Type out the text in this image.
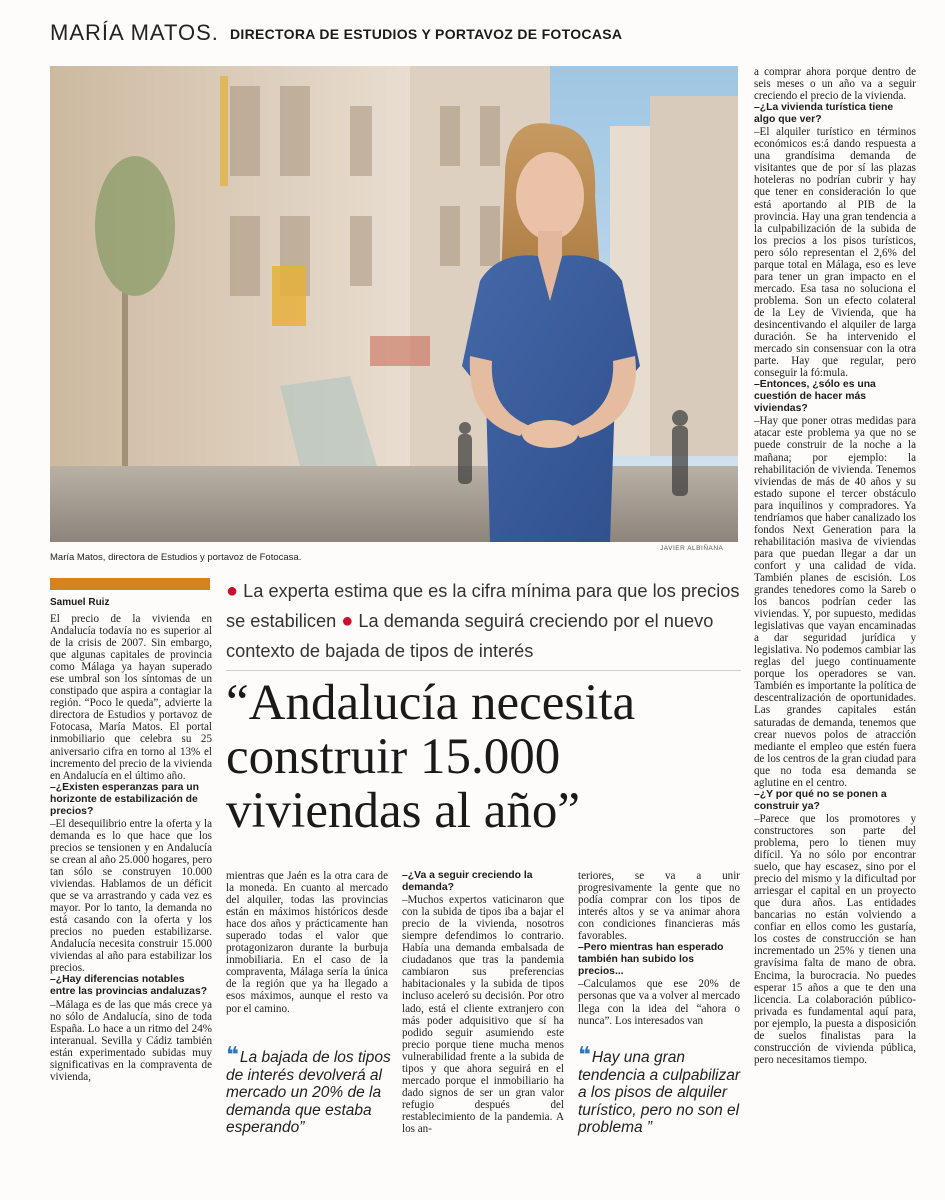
MARÍA MATOS. DIRECTORA DE ESTUDIOS Y PORTAVOZ DE FOTOCASA
JAVIER ALBIÑANA
María Matos, directora de Estudios y portavoz de Fotocasa.
Samuel Ruiz
● La experta estima que es la cifra mínima para que los precios se estabilicen ● La demanda seguirá creciendo por el nuevo contexto de bajada de tipos de interés
“Andalucía necesita construir 15.000 viviendas al año”

El precio de la vivienda en Andalucía todavía no es superior al de la crisis de 2007. Sin embargo, que algunas capitales de provincia como Málaga ya hayan superado ese umbral son los síntomas de un constipado que aspira a contagiar la región. “Poco le queda”, advierte la directora de Estudios y portavoz de Fotocasa, María Matos. El portal inmobiliario que celebra su 25 aniversario cifra en torno al 13% el incremento del precio de la vivienda en Andalucía en el último año.

–¿Existen esperanzas para un horizonte de estabilización de precios?

–El desequilibrio entre la oferta y la demanda es lo que hace que los precios se tensionen y en Andalucía se crean al año 25.000 hogares, pero tan sólo se construyen 10.000 viviendas. Hablamos de un déficit que se va arrastrando y cada vez es mayor. Por lo tanto, la demanda no está casando con la oferta y los precios no pueden estabilizarse. Andalucía necesita construir 15.000 viviendas al año para estabilizar los precios.

–¿Hay diferencias notables entre las provincias andaluzas?

–Málaga es de las que más crece ya no sólo de Andalucía, sino de toda España. Lo hace a un ritmo del 24% interanual. Sevilla y Cádiz también están experimentado subidas muy significativas en la compraventa de vivienda,

mientras que Jaén es la otra cara de la moneda. En cuanto al mercado del alquiler, todas las provincias están en máximos históricos desde hace dos años y prácticamente han superado todas el valor que protagonizaron durante la burbuja inmobiliaria. En el caso de la compraventa, Málaga sería la única de la región que ya ha llegado a esos máximos, aunque el resto va por el camino.

–¿Va a seguir creciendo la demanda?

–Muchos expertos vaticinaron que con la subida de tipos iba a bajar el precio de la vivienda, nosotros siempre defendimos lo contrario. Había una demanda embalsada de ciudadanos que tras la pandemia cambiaron sus preferencias habitacionales y la subida de tipos incluso aceleró su decisión. Por otro lado, está el cliente extranjero con más poder adquisitivo que sí ha podido seguir asumiendo este precio porque tiene mucha menos vulnerabilidad frente a la subida de tipos y que ahora seguirá en el mercado porque el inmobiliario ha dado signos de ser un gran valor refugio después del restablecimiento de la pandemia. A los an-

teriores, se va a unir progresivamente la gente que no podía comprar con los tipos de interés altos y se va animar ahora con condiciones financieras más favorables.

–Pero mientras han esperado también han subido los precios...

–Calculamos que ese 20% de personas que va a volver al mercado llega con la idea del “ahora o nunca”. Los interesados van

a comprar ahora porque dentro de seis meses o un año va a seguir creciendo el precio de la vivienda.

–¿La vivienda turística tiene algo que ver?

–El alquiler turístico en términos económicos es:á dando respuesta a una grandísima demanda de visitantes que de por sí las plazas hoteleras no podrían cubrir y hay que tener en consideración lo que está aportando al PIB de la provincia. Hay una gran tendencia a la culpabilización de la subida de los precios a los pisos turísticos, pero sólo representan el 2,6% del parque total en Málaga, eso es leve para tener un gran impacto en el mercado. Esa tasa no soluciona el problema. Son un efecto colateral de la Ley de Vivienda, que ha desincentivando el alquiler de larga duración. Se ha intervenido el mercado sin consensuar con la otra parte. Hay que regular, pero conseguir la fó:mula.

–Entonces, ¿sólo es una cuestión de hacer más viviendas?

–Hay que poner otras medidas para atacar este problema ya que no se puede construir de la noche a la mañana; por ejemplo: la rehabilitación de vivienda. Tenemos viviendas de más de 40 años y su estado supone el tercer obstáculo para inquilinos y compradores. Ya tendríamos que haber canalizado los fondos Next Generation para la rehabilitación masiva de viviendas para que puedan llegar a dar un confort y una calidad de vida. También planes de escisión. Los grandes tenedores como la Sareb o los bancos podrían ceder las viviendas. Y, por supuesto, medidas legislativas que vayan encaminadas a dar seguridad jurídica y legislativa. No podemos cambiar las reglas del juego continuamente porque los operadores se van. También es importante la política de descentralización de oportunidades. Las grandes capitales están saturadas de demanda, tenemos que crear nuevos polos de atracción mediante el empleo que estén fuera de los centros de la gran ciudad para que no toda esa demanda se aglutine en el centro.

–¿Y por qué no se ponen a construir ya?

–Parece que los promotores y constructores son parte del problema, pero lo tienen muy difícil. Ya no sólo por encontrar suelo, que hay escasez, sino por el precio del mismo y la dificultad por arriesgar el capital en un proyecto que dura años. Las entidades bancarias no están volviendo a confiar en ellos como les gustaría, los costes de construcción se han incrementado un 25% y tienen una gravísima falta de mano de obra. Encima, la burocracia. No puedes esperar 15 años a que te den una licencia. La colaboración público-privada es fundamental aquí para, por ejemplo, la puesta a disposición de suelos finalistas para la construcción de vivienda pública, pero necesitamos tiempo.

❝ La bajada de los tipos de interés devolverá al mercado un 20% de la demanda que estaba esperando”
❝ Hay una gran tendencia a culpabilizar a los pisos de alquiler turístico, pero no son el problema ”
